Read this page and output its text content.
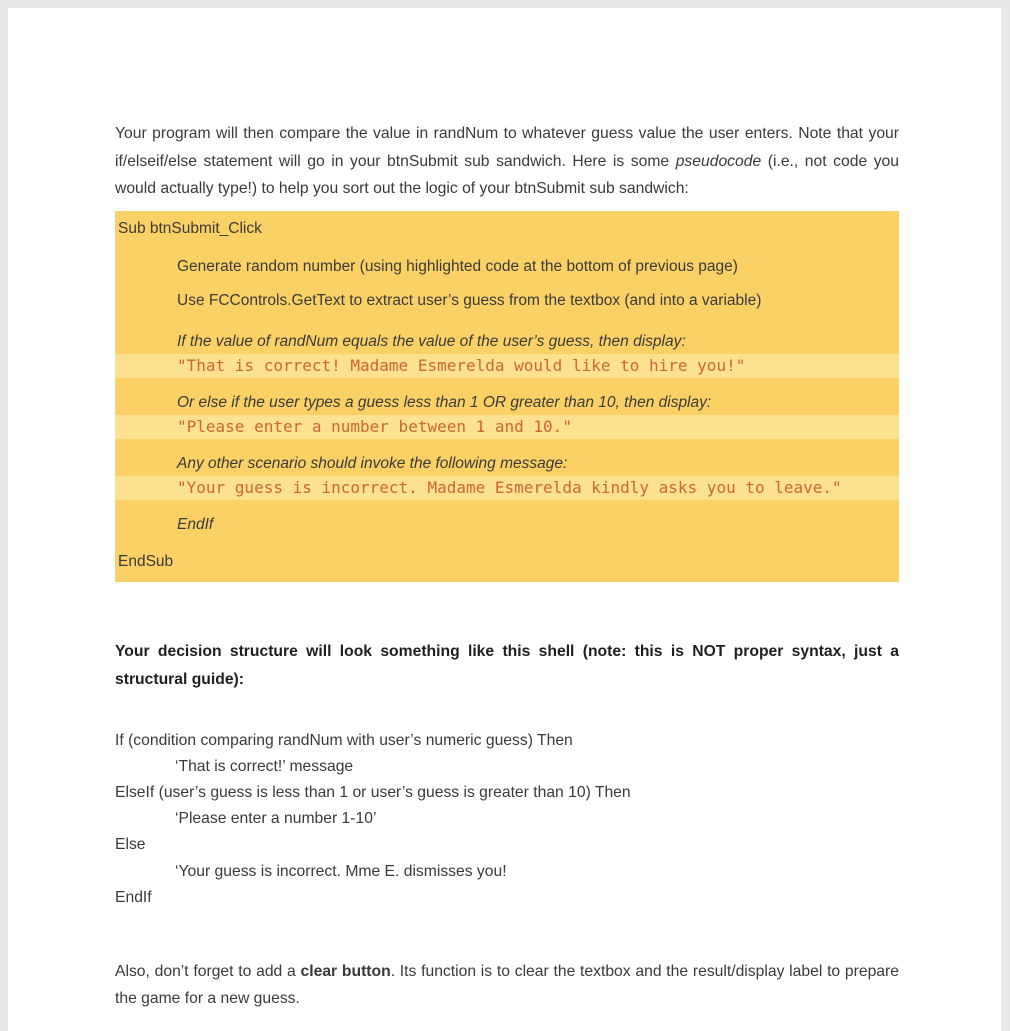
Your program will then compare the value in randNum to whatever guess value the user enters. Note that your if/elseif/else statement will go in your btnSubmit sub sandwich. Here is some pseudocode (i.e., not code you would actually type!) to help you sort out the logic of your btnSubmit sub sandwich:

Sub btnSubmit_Click
Generate random number (using highlighted code at the bottom of previous page)
Use FCControls.GetText to extract user’s guess from the textbox (and into a variable)
If the value of randNum equals the value of the user’s guess, then display:
"That is correct! Madame Esmerelda would like to hire you!"
Or else if the user types a guess less than 1 OR greater than 10, then display:
"Please enter a number between 1 and 10."
Any other scenario should invoke the following message:
"Your guess is incorrect. Madame Esmerelda kindly asks you to leave."
EndIf
EndSub

Your decision structure will look something like this shell (note: this is NOT proper syntax, just a structural guide):

If (condition comparing randNum with user’s numeric guess) Then
‘That is correct!’ message
ElseIf (user’s guess is less than 1 or user’s guess is greater than 10) Then
‘Please enter a number 1-10’
Else
‘Your guess is incorrect. Mme E. dismisses you!
EndIf

Also, don’t forget to add a clear button. Its function is to clear the textbox and the result/display label to prepare the game for a new guess.
